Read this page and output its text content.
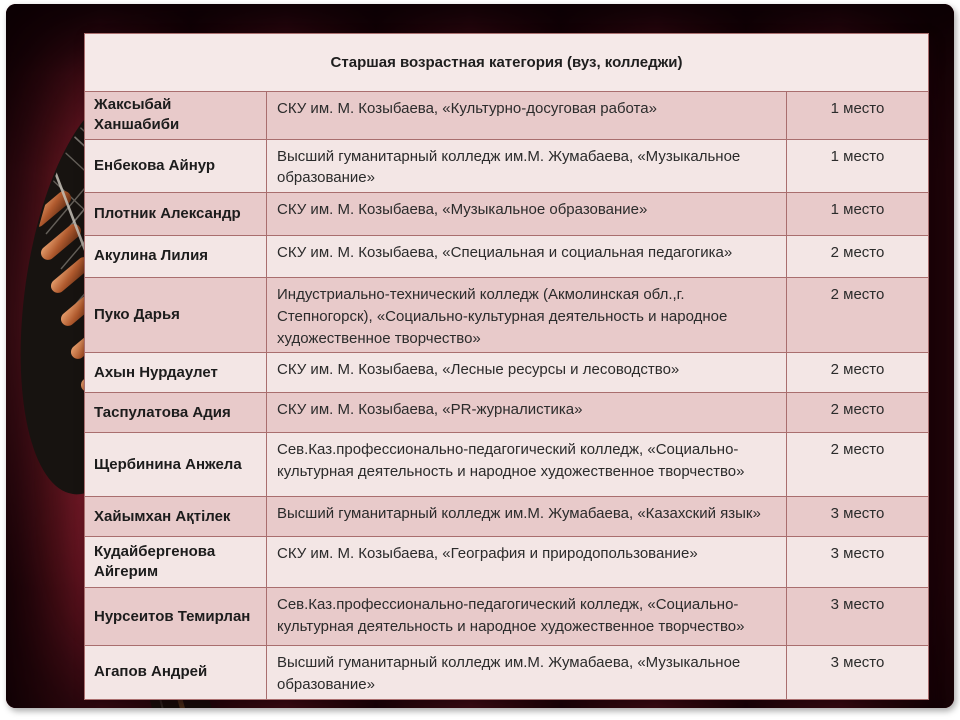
Старшая возрастная категория (вуз, колледжи)		
Жаксыбай Ханшабиби	СКУ им. М. Козыбаева, «Культурно-досуговая работа»	1 место
Енбекова Айнур	Высший гуманитарный колледж им.М. Жумабаева, «Музыкальное образование»	1 место
Плотник Александр	СКУ им. М. Козыбаева, «Музыкальное образование»	1 место
Акулина Лилия	СКУ им. М. Козыбаева, «Специальная и социальная педагогика»	2 место
Пуко Дарья	Индустриально-технический колледж (Акмолинская обл.,г. Степногорск), «Социально-культурная деятельность и народное художественное творчество»	2 место
Ахын Нурдаулет	СКУ им. М. Козыбаева, «Лесные ресурсы и лесоводство»	2 место
Таспулатова Адия	СКУ им. М. Козыбаева, «PR-журналистика»	2 место
Щербинина Анжела	Сев.Каз.профессионально-педагогический колледж, «Социально-культурная деятельность и народное художественное творчество»	2 место
Хайымхан Ақтілек	Высший гуманитарный колледж им.М. Жумабаева, «Казахский язык»	3 место
Кудайбергенова Айгерим	СКУ им. М. Козыбаева, «География и природопользование»	3 место
Нурсеитов Темирлан	Сев.Каз.профессионально-педагогический колледж, «Социально-культурная деятельность и народное художественное творчество»	3 место
Агапов Андрей	Высший гуманитарный колледж им.М. Жумабаева, «Музыкальное образование»	3 место
